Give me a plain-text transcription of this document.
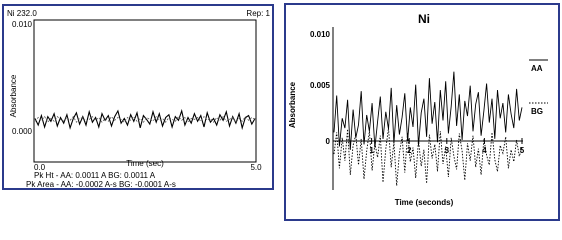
Ni 232.0	Rep: 1
0.010
0.000
Absorbance
0.0	5.0
Time (sec)
Pk Ht - AA: 0.0011 A BG: 0.0011 A
Pk Area - AA: -0.0002 A-s BG: -0.0001 A-s
Ni
0.010
0.005
0
Absorbance
Time (seconds)
1	2	3	4	5
AA
BG
